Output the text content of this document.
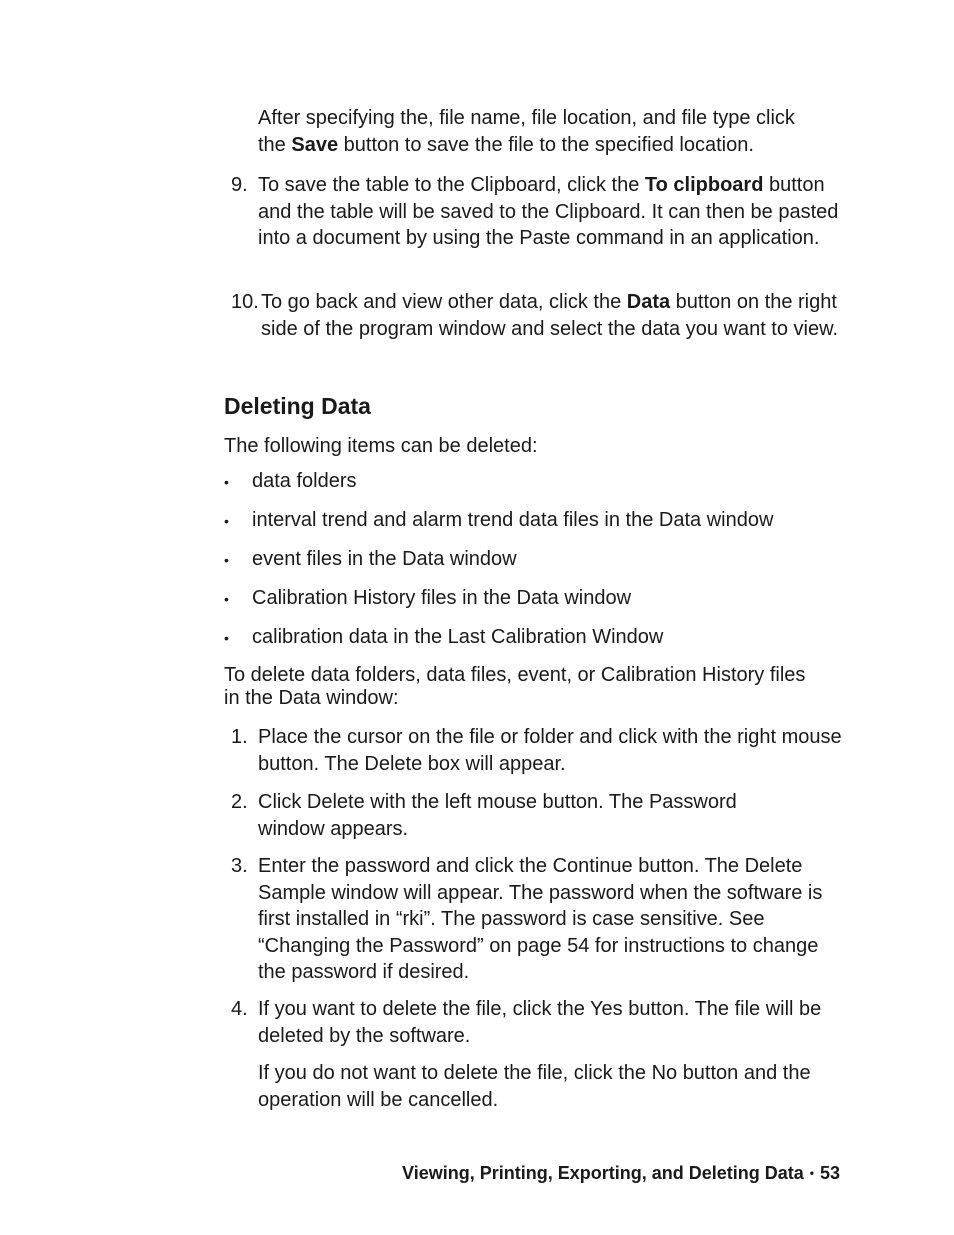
After specifying the, file name, file location, and file type click
the Save button to save the file to the specified location.
9. To save the table to the Clipboard, click the To clipboard button and the table will be saved to the Clipboard. It can then be pasted into a document by using the Paste command in an application.
10. To go back and view other data, click the Data button on the right side of the program window and select the data you want to view.
Deleting Data
The following items can be deleted:
• data folders
• interval trend and alarm trend data files in the Data window
• event files in the Data window
• Calibration History files in the Data window
• calibration data in the Last Calibration Window
To delete data folders, data files, event, or Calibration History files in the Data window:
1. Place the cursor on the file or folder and click with the right mouse button. The Delete box will appear.
2. Click Delete with the left mouse button. The Password window appears.
3. Enter the password and click the Continue button. The Delete Sample window will appear. The password when the software is first installed in “rki”. The password is case sensitive. See “Changing the Password” on page 54 for instructions to change the password if desired.
4. If you want to delete the file, click the Yes button. The file will be deleted by the software.
If you do not want to delete the file, click the No button and the operation will be cancelled.
Viewing, Printing, Exporting, and Deleting Data • 53
